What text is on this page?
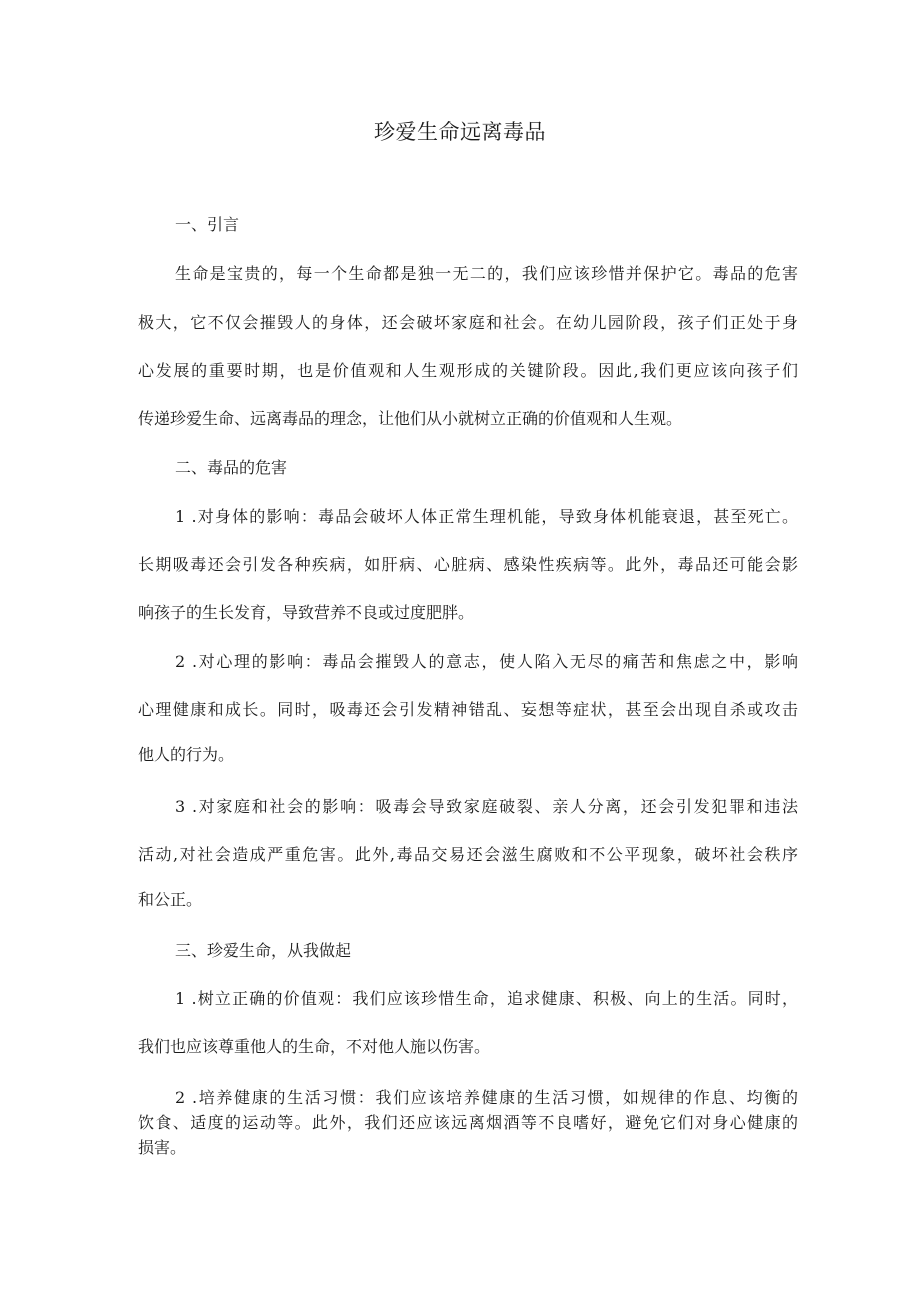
珍爱生命远离毒品
一、引言
生命是宝贵的，每一个生命都是独一无二的，我们应该珍惜并保护它。毒品的危害
极大，它不仅会摧毁人的身体，还会破坏家庭和社会。在幼儿园阶段，孩子们正处于身
心发展的重要时期，也是价值观和人生观形成的关键阶段。因此,我们更应该向孩子们
传递珍爱生命、远离毒品的理念，让他们从小就树立正确的价值观和人生观。
二、毒品的危害
1 .对身体的影响：毒品会破坏人体正常生理机能，导致身体机能衰退，甚至死亡。
长期吸毒还会引发各种疾病，如肝病、心脏病、感染性疾病等。此外，毒品还可能会影
响孩子的生长发育，导致营养不良或过度肥胖。
2 .对心理的影响：毒品会摧毁人的意志，使人陷入无尽的痛苦和焦虑之中，影响
心理健康和成长。同时，吸毒还会引发精神错乱、妄想等症状，甚至会出现自杀或攻击
他人的行为。
3 .对家庭和社会的影响：吸毒会导致家庭破裂、亲人分离，还会引发犯罪和违法
活动,对社会造成严重危害。此外,毒品交易还会滋生腐败和不公平现象，破坏社会秩序
和公正。
三、珍爱生命，从我做起
1 .树立正确的价值观：我们应该珍惜生命，追求健康、积极、向上的生活。同时，
我们也应该尊重他人的生命，不对他人施以伤害。
2 .培养健康的生活习惯：我们应该培养健康的生活习惯，如规律的作息、均衡的
饮食、适度的运动等。此外，我们还应该远离烟酒等不良嗜好，避免它们对身心健康的
损害。
